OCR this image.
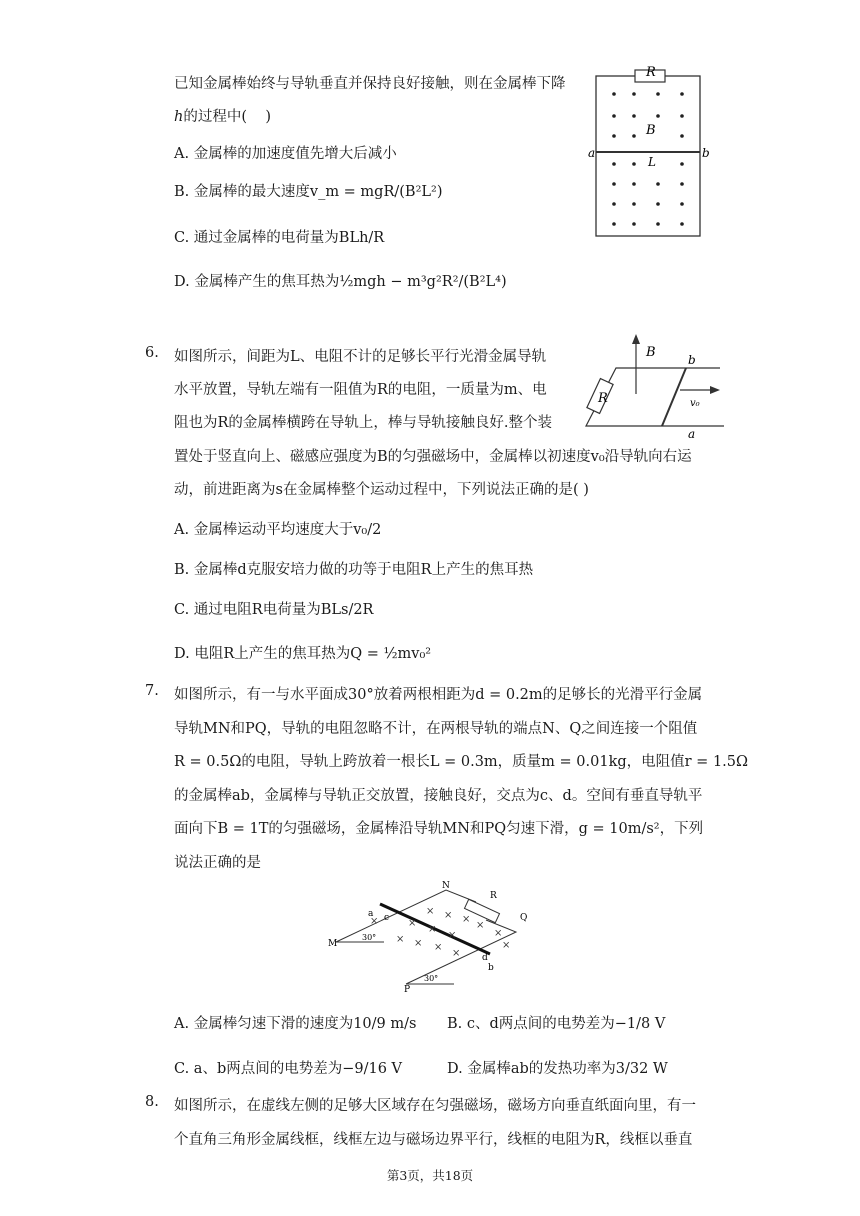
已知金属棒始终与导轨垂直并保持良好接触，则在金属棒下降
h的过程中(    )
A. 金属棒的加速度值先增大后减小
B. 金属棒的最大速度v_m = mgR/(B²L²)
C. 通过金属棒的电荷量为BLh/R
D. 金属棒产生的焦耳热为½mgh − m³g²R²/(B²L⁴)
R
B
a	b
L
6. 如图所示，间距为L、电阻不计的足够长平行光滑金属导轨
水平放置，导轨左端有一阻值为R的电阻，一质量为m、电
阻也为R的金属棒横跨在导轨上，棒与导轨接触良好.整个装
置处于竖直向上、磁感应强度为B的匀强磁场中，金属棒以初速度v₀沿导轨向右运
动，前进距离为s在金属棒整个运动过程中，下列说法正确的是( )
A. 金属棒运动平均速度大于v₀/2
B. 金属棒d克服安培力做的功等于电阻R上产生的焦耳热
C. 通过电阻R电荷量为BLs/2R
D. 电阻R上产生的焦耳热为Q = ½mv₀²
B
R
b
a
v₀
7. 如图所示，有一与水平面成30°放着两根相距为d = 0.2m的足够长的光滑平行金属
导轨MN和PQ，导轨的电阻忽略不计，在两根导轨的端点N、Q之间连接一个阻值
R = 0.5Ω的电阻，导轨上跨放着一根长L = 0.3m，质量m = 0.01kg，电阻值r = 1.5Ω
的金属棒ab，金属棒与导轨正交放置，接触良好，交点为c、d。空间有垂直导轨平
面向下B = 1T的匀强磁场，金属棒沿导轨MN和PQ匀速下滑，g = 10m/s²，下列
说法正确的是
× × ×
×
×
×
×
×
× × ×
×
×
×
N
R
Q
a c
d
b
M
P
30°
30°
A. 金属棒匀速下滑的速度为10/9 m/s B. c、d两点间的电势差为−1/8 V
C. a、b两点间的电势差为−9/16 V	D. 金属棒ab的发热功率为3/32 W
8. 如图所示，在虚线左侧的足够大区域存在匀强磁场，磁场方向垂直纸面向里，有一
个直角三角形金属线框，线框左边与磁场边界平行，线框的电阻为R，线框以垂直
第3页，共18页
